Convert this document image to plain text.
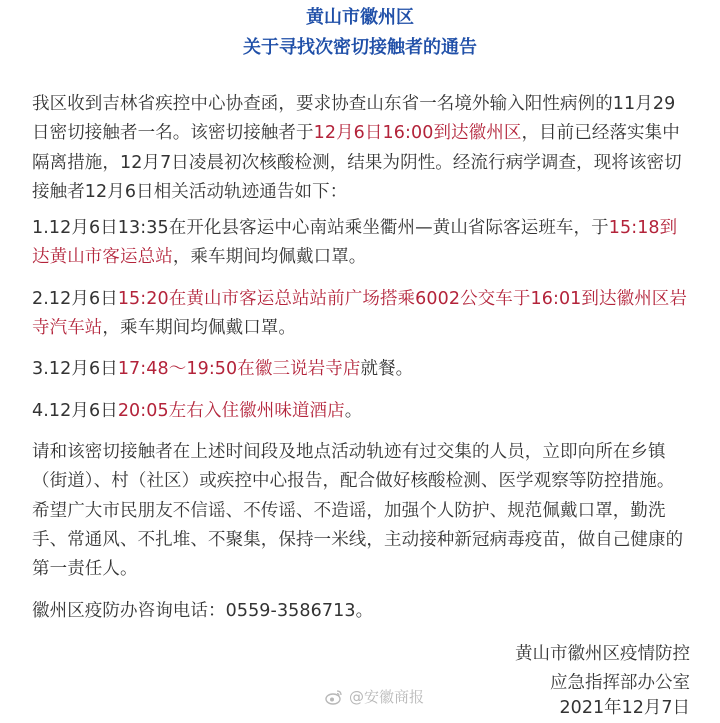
黄山市徽州区
关于寻找次密切接触者的通告
我区收到吉林省疾控中心协查函，要求协查山东省一名境外输入阳性病例的11月29日密切接触者一名。该密切接触者于12月6日16:00到达徽州区，目前已经落实集中隔离措施，12月7日凌晨初次核酸检测，结果为阴性。经流行病学调查，现将该密切接触者12月6日相关活动轨迹通告如下：
1.12月6日13:35在开化县客运中心南站乘坐衢州—黄山省际客运班车，于15:18到达黄山市客运总站，乘车期间均佩戴口罩。
2.12月6日15:20在黄山市客运总站站前广场搭乘6002公交车于16:01到达徽州区岩寺汽车站，乘车期间均佩戴口罩。
3.12月6日17:48～19:50在徽三说岩寺店就餐。
4.12月6日20:05左右入住徽州味道酒店。
请和该密切接触者在上述时间段及地点活动轨迹有过交集的人员，立即向所在乡镇（街道）、村（社区）或疾控中心报告，配合做好核酸检测、医学观察等防控措施。希望广大市民朋友不信谣、不传谣、不造谣，加强个人防护、规范佩戴口罩，勤洗手、常通风、不扎堆、不聚集，保持一米线，主动接种新冠病毒疫苗，做自己健康的第一责任人。
徽州区疫防办咨询电话：0559-3586713。
黄山市徽州区疫情防控
应急指挥部办公室
2021年12月7日
@安徽商报
